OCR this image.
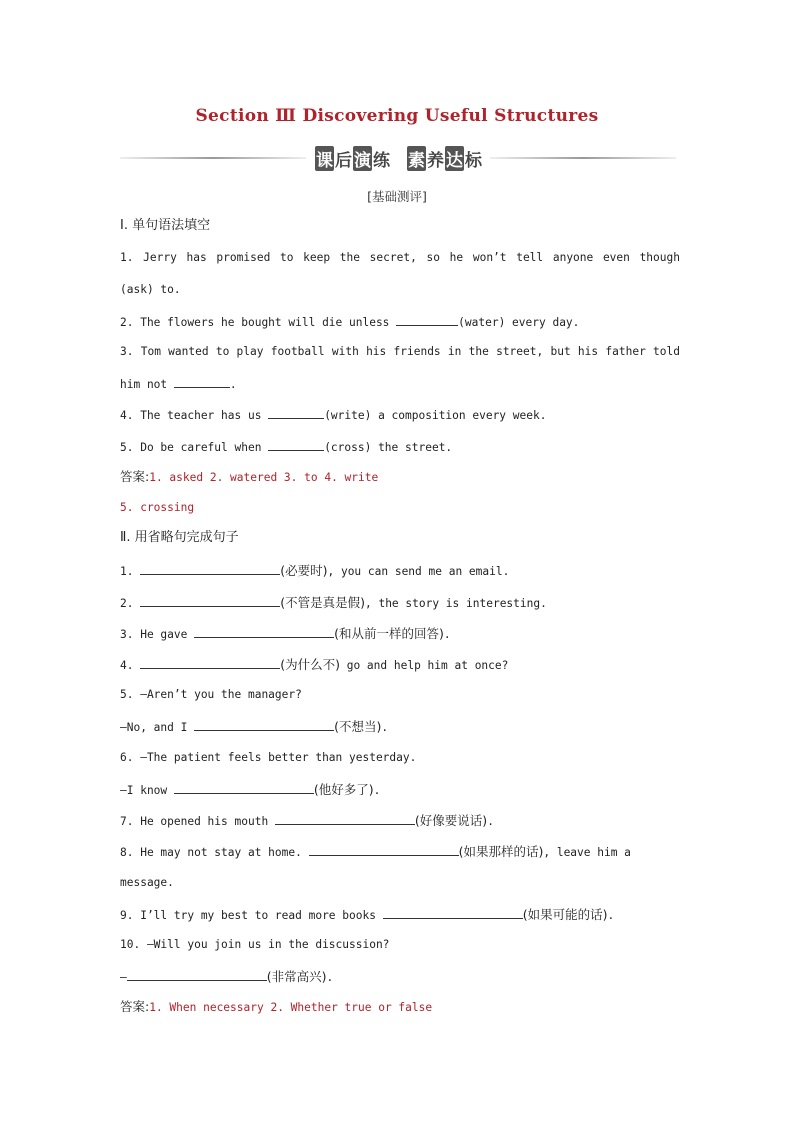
Section Ⅲ Discovering Useful Structures
课 后 演 练 素 养 达 标
[基础测评]
Ⅰ. 单句语法填空
1. Jerry has promised to keep the secret, so he won’t tell anyone even though
(ask) to.
2. The flowers he bought will die unless	(water) every day.
3. Tom wanted to play football with his friends in the street, but his father told
him not	.
4. The teacher has us	(write) a composition every week.
5. Do be careful when	(cross) the street.
答案:1. asked 2. watered 3. to 4. write
5. crossing
Ⅱ. 用省略句完成句子
1.	(必要时), you can send me an email.
2.	(不管是真是假), the story is interesting.
3. He gave	(和从前一样的回答).
4.	(为什么不) go and help him at once?
5. —Aren’t you the manager?
—No, and I	(不想当).
6. —The patient feels better than yesterday.
—I know	(他好多了).
7. He opened his mouth	(好像要说话).
8. He may not stay at home.	(如果那样的话), leave him a
message.
9. I’ll try my best to read more books	(如果可能的话).
10. —Will you join us in the discussion?
—	(非常高兴).
答案:1. When necessary 2. Whether true or false
